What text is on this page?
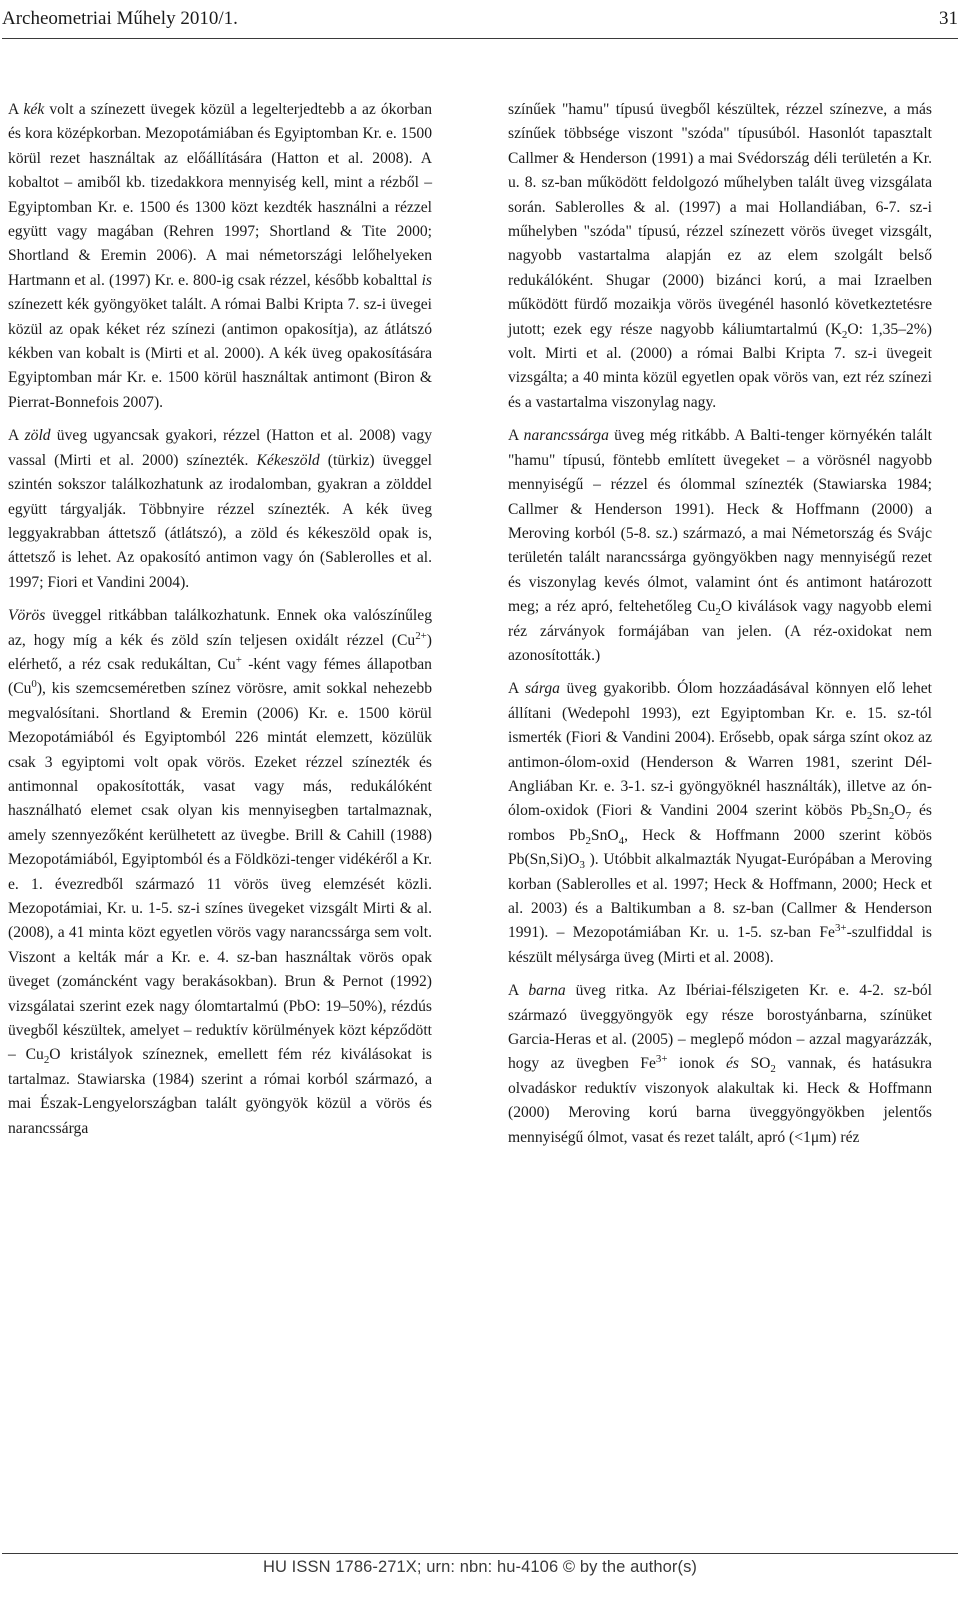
Archeometriai Műhely 2010/1.	31

A kék volt a színezett üvegek közül a legelterjedtebb a az ókorban és kora középkorban. Mezopotámiában és Egyiptomban Kr. e. 1500 körül rezet használtak az előállítására (Hatton et al. 2008). A kobaltot – amiből kb. tizedakkora mennyiség kell, mint a rézből – Egyiptomban Kr. e. 1500 és 1300 közt kezdték használni a rézzel együtt vagy magában (Rehren 1997; Shortland & Tite 2000; Shortland & Eremin 2006). A mai németországi lelőhelyeken Hartmann et al. (1997) Kr. e. 800-ig csak rézzel, később kobalttal is színezett kék gyöngyöket talált. A római Balbi Kripta 7. sz-i üvegei közül az opak kéket réz színezi (antimon opakosítja), az átlátszó kékben van kobalt is (Mirti et al. 2000). A kék üveg opakosítására Egyiptomban már Kr. e. 1500 körül használtak antimont (Biron & Pierrat-Bonnefois 2007).

A zöld üveg ugyancsak gyakori, rézzel (Hatton et al. 2008) vagy vassal (Mirti et al. 2000) színezték. Kékeszöld (türkiz) üveggel szintén sokszor találkozhatunk az irodalomban, gyakran a zölddel együtt tárgyalják. Többnyire rézzel színezték. A kék üveg leggyakrabban áttetsző (átlátszó), a zöld és kékeszöld opak is, áttetsző is lehet. Az opakosító antimon vagy ón (Sablerolles et al. 1997; Fiori et Vandini 2004).

Vörös üveggel ritkábban találkozhatunk. Ennek oka valószínűleg az, hogy míg a kék és zöld szín teljesen oxidált rézzel $(Cu^{2+})$ elérhető, a réz csak redukáltan, Cu+ -ként vagy fémes állapotban (Cu$^0$), kis szemcseméretben színez vörösre, amit sokkal nehezebb megvalósítani. Shortland & Eremin (2006) Kr. e. 1500 körül Mezopotámiából és Egyiptomból 226 mintát elemzett, közülük csak 3 egyiptomi volt opak vörös. Ezeket rézzel színezték és antimonnal opakosították, vasat vagy más, redukálóként használható elemet csak olyan kis mennyisegben tartalmaznak, amely szennyezőként kerülhetett az üvegbe. Brill & Cahill (1988) Mezopotámiából, Egyiptomból és a Földközi-tenger vidékéről a Kr. e. 1. évezredből származó 11 vörös üveg elemzését közli. Mezopotámiai, Kr. u. 1-5. sz-i színes üvegeket vizsgált Mirti & al. (2008), a 41 minta közt egyetlen vörös vagy narancssárga sem volt. Viszont a kelták már a Kr. e. 4. sz-ban használtak vörös opak üveget (zománcként vagy berakásokban). Brun & Pernot (1992) vizsgálatai szerint ezek nagy ólomtartalmú (PbO: 19–50%), rézdús üvegből készültek, amelyet – reduktív körülmények közt képződött – $Cu_2O$ kristályok színeznek, emellett fém réz kiválásokat is tartalmaz. Stawiarska (1984) szerint a római korból származó, a mai Észak-Lengyelországban talált gyöngyök közül a vörös és narancssárga

színűek "hamu" típusú üvegből készültek, rézzel színezve, a más színűek többsége viszont "szóda" típusúból. Hasonlót tapasztalt Callmer & Henderson (1991) a mai Svédország déli területén a Kr. u. 8. sz-ban működött feldolgozó műhelyben talált üveg vizsgálata során. Sablerolles & al. (1997) a mai Hollandiában, 6-7. sz-i műhelyben "szóda" típusú, rézzel színezett vörös üveget vizsgált, nagyobb vastartalma alapján ez az elem szolgált belső redukálóként. Shugar (2000) bizánci korú, a mai Izraelben működött fürdő mozaikja vörös üvegénél hasonló következtetésre jutott; ezek egy része nagyobb káliumtartalmú ($K_2O$: 1,35–2%) volt. Mirti et al. (2000) a római Balbi Kripta 7. sz-i üvegeit vizsgálta; a 40 minta közül egyetlen opak vörös van, ezt réz színezi és a vastartalma viszonylag nagy.

A narancssárga üveg még ritkább. A Balti-tenger környékén talált "hamu" típusú, föntebb említett üvegeket – a vörösnél nagyobb mennyiségű – rézzel és ólommal színezték (Stawiarska 1984; Callmer & Henderson 1991). Heck & Hoffmann (2000) a Meroving korból (5-8. sz.) származó, a mai Németország és Svájc területén talált narancssárga gyöngyökben nagy mennyiségű rezet és viszonylag kevés ólmot, valamint ónt és antimont határozott meg; a réz apró, feltehetőleg $Cu_2O$ kiválások vagy nagyobb elemi réz zárványok formájában van jelen. (A réz-oxidokat nem azonosították.)

A sárga üveg gyakoribb. Ólom hozzáadásával könnyen elő lehet állítani (Wedepohl 1993), ezt Egyiptomban Kr. e. 15. sz-tól ismerték (Fiori & Vandini 2004). Erősebb, opak sárga színt okoz az antimon-ólom-oxid (Henderson & Warren 1981, szerint Dél-Angliában Kr. e. 3-1. sz-i gyöngyöknél használták), illetve az ón-ólom-oxidok (Fiori & Vandini 2004 szerint köbös $Pb_2Sn_2O_7$ és rombos $Pb_2SnO_4$, Heck & Hoffmann 2000 szerint köbös $Pb(Sn,Si)O_3$ ). Utóbbit alkalmazták Nyugat-Európában a Meroving korban (Sablerolles et al. 1997; Heck & Hoffmann, 2000; Heck et al. 2003) és a Baltikumban a 8. sz-ban (Callmer & Henderson 1991). – Mezopotámiában Kr. u. 1-5. sz-ban $Fe^{3+}$-szulfiddal is készült mélysárga üveg (Mirti et al. 2008).

A barna üveg ritka. Az Ibériai-félszigeten Kr. e. 4-2. sz-ból származó üveggyöngyök egy része borostyánbarna, színüket Garcia-Heras et al. (2005) – meglepő módon – azzal magyarázzák, hogy az üvegben $Fe^{3+}$ ionok és $SO_2$ vannak, és hatásukra olvadáskor reduktív viszonyok alakultak ki. Heck & Hoffmann (2000) Meroving korú barna üveggyöngyökben jelentős mennyiségű ólmot, vasat és rezet talált, apró (<1μm) réz

HU ISSN 1786-271X; urn: nbn: hu-4106 © by the author(s)
